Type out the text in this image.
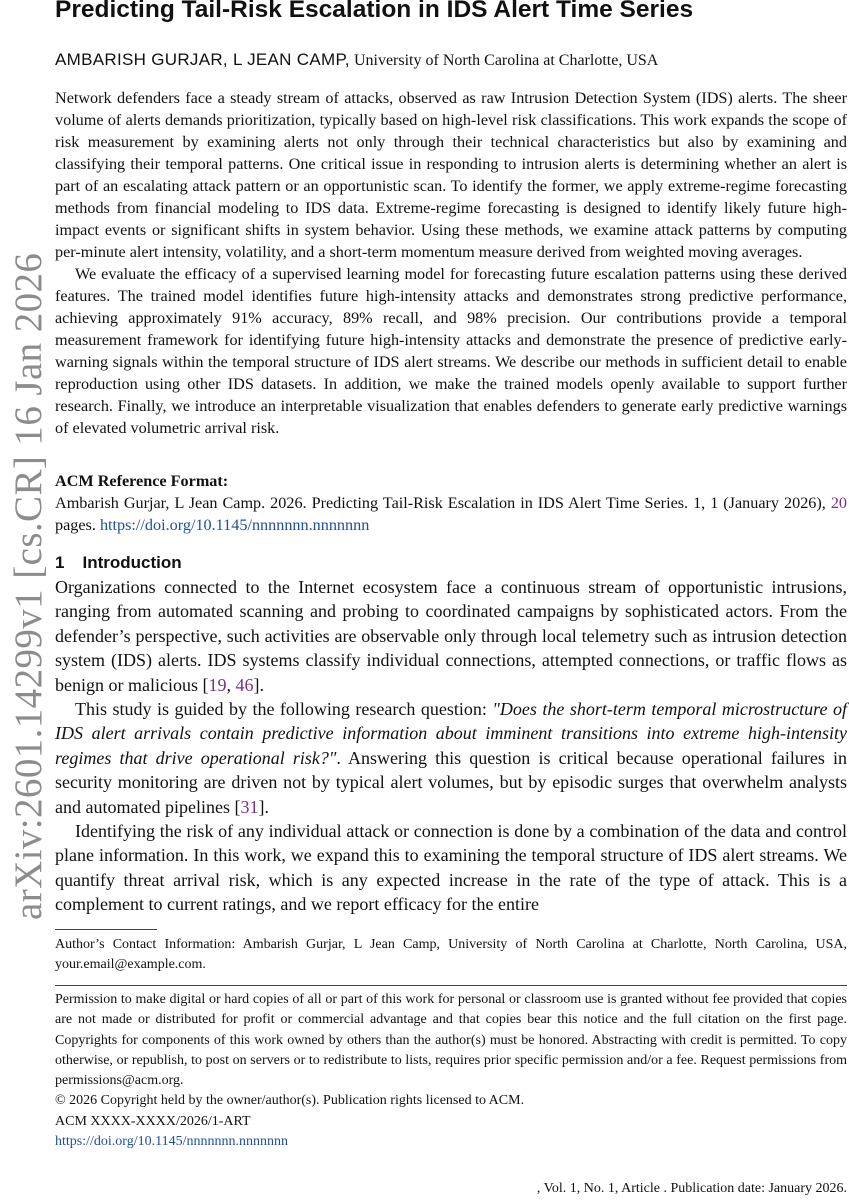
arXiv:2601.14299v1 [cs.CR] 16 Jan 2026
Predicting Tail-Risk Escalation in IDS Alert Time Series
AMBARISH GURJAR, L JEAN CAMP, University of North Carolina at Charlotte, USA

Network defenders face a steady stream of attacks, observed as raw Intrusion Detection System (IDS) alerts. The sheer volume of alerts demands prioritization, typically based on high-level risk classifications. This work expands the scope of risk measurement by examining alerts not only through their technical characteristics but also by examining and classifying their temporal patterns. One critical issue in responding to intrusion alerts is determining whether an alert is part of an escalating attack pattern or an opportunistic scan. To identify the former, we apply extreme-regime forecasting methods from financial modeling to IDS data. Extreme-regime forecasting is designed to identify likely future high-impact events or significant shifts in system behavior. Using these methods, we examine attack patterns by computing per-minute alert intensity, volatility, and a short-term momentum measure derived from weighted moving averages.

We evaluate the efficacy of a supervised learning model for forecasting future escalation patterns using these derived features. The trained model identifies future high-intensity attacks and demonstrates strong predictive performance, achieving approximately 91% accuracy, 89% recall, and 98% precision. Our contributions provide a temporal measurement framework for identifying future high-intensity attacks and demonstrate the presence of predictive early-warning signals within the temporal structure of IDS alert streams. We describe our methods in sufficient detail to enable reproduction using other IDS datasets. In addition, we make the trained models openly available to support further research. Finally, we introduce an interpretable visualization that enables defenders to generate early predictive warnings of elevated volumetric arrival risk.

ACM Reference Format:

Ambarish Gurjar, L Jean Camp. 2026. Predicting Tail-Risk Escalation in IDS Alert Time Series. 1, 1 (January 2026), 20 pages. https://doi.org/10.1145/nnnnnnn.nnnnnnn

1 Introduction

Organizations connected to the Internet ecosystem face a continuous stream of opportunistic intrusions, ranging from automated scanning and probing to coordinated campaigns by sophisticated actors. From the defender’s perspective, such activities are observable only through local telemetry such as intrusion detection system (IDS) alerts. IDS systems classify individual connections, attempted connections, or traffic flows as benign or malicious [19, 46].

This study is guided by the following research question: "Does the short-term temporal microstructure of IDS alert arrivals contain predictive information about imminent transitions into extreme high-intensity regimes that drive operational risk?". Answering this question is critical because operational failures in security monitoring are driven not by typical alert volumes, but by episodic surges that overwhelm analysts and automated pipelines [31].

Identifying the risk of any individual attack or connection is done by a combination of the data and control plane information. In this work, we expand this to examining the temporal structure of IDS alert streams. We quantify threat arrival risk, which is any expected increase in the rate of the type of attack. This is a complement to current ratings, and we report efficacy for the entire

Author’s Contact Information: Ambarish Gurjar, L Jean Camp, University of North Carolina at Charlotte, North Carolina, USA, your.email@example.com.

Permission to make digital or hard copies of all or part of this work for personal or classroom use is granted without fee provided that copies are not made or distributed for profit or commercial advantage and that copies bear this notice and the full citation on the first page. Copyrights for components of this work owned by others than the author(s) must be honored. Abstracting with credit is permitted. To copy otherwise, or republish, to post on servers or to redistribute to lists, requires prior specific permission and/or a fee. Request permissions from permissions@acm.org.

© 2026 Copyright held by the owner/author(s). Publication rights licensed to ACM.
ACM XXXX-XXXX/2026/1-ART
https://doi.org/10.1145/nnnnnnn.nnnnnnn
, Vol. 1, No. 1, Article . Publication date: January 2026.
